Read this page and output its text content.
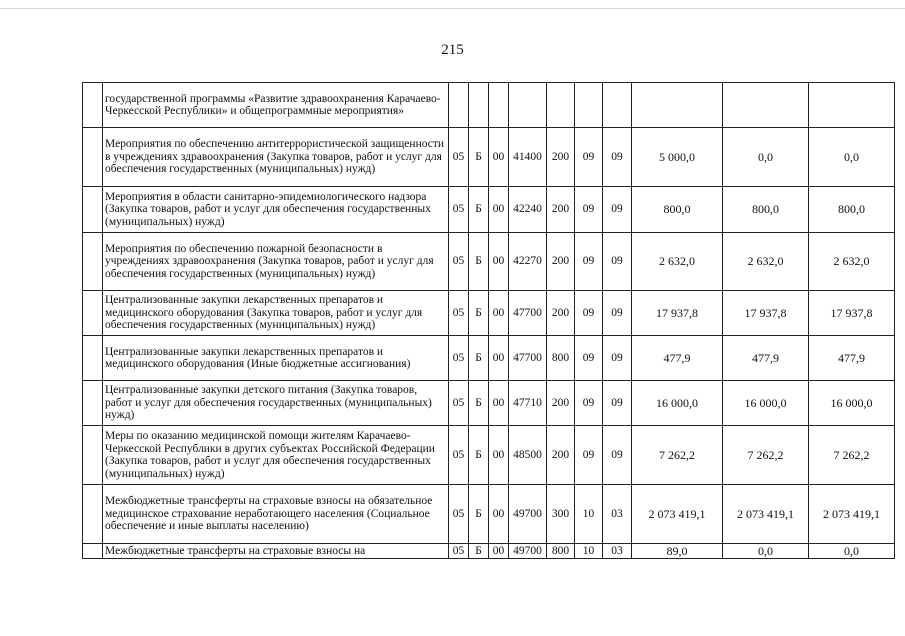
215
	государственной программы «Развитие здравоохранения Карачаево-Черкесской Республики» и общепрограммные мероприятия»										
	Мероприятия по обеспечению антитеррористической защищенности в учреждениях здравоохранения (Закупка товаров, работ и услуг для обеспечения государственных (муниципальных) нужд)	05	Б	00	41400	200	09	09	5 000,0	0,0	0,0
	Мероприятия в области санитарно-эпидемиологического надзора (Закупка товаров, работ и услуг для обеспечения государственных (муниципальных) нужд)	05	Б	00	42240	200	09	09	800,0	800,0	800,0
	Мероприятия по обеспечению пожарной безопасности в учреждениях здравоохранения (Закупка товаров, работ и услуг для обеспечения государственных (муниципальных) нужд)	05	Б	00	42270	200	09	09	2 632,0	2 632,0	2 632,0
	Централизованные закупки лекарственных препаратов и медицинского оборудования (Закупка товаров, работ и услуг для обеспечения государственных (муниципальных) нужд)	05	Б	00	47700	200	09	09	17 937,8	17 937,8	17 937,8
	Централизованные закупки лекарственных препаратов и медицинского оборудования (Иные бюджетные ассигнования)	05	Б	00	47700	800	09	09	477,9	477,9	477,9
	Централизованные закупки детского питания (Закупка товаров, работ и услуг для обеспечения государственных (муниципальных) нужд)	05	Б	00	47710	200	09	09	16 000,0	16 000,0	16 000,0
	Меры по оказанию медицинской помощи жителям Карачаево-Черкесской Республики в других субъектах Российской Федерации (Закупка товаров, работ и услуг для обеспечения государственных (муниципальных) нужд)	05	Б	00	48500	200	09	09	7 262,2	7 262,2	7 262,2
	Межбюджетные трансферты на страховые взносы на обязательное медицинское страхование неработающего населения (Социальное обеспечение и иные выплаты населению)	05	Б	00	49700	300	10	03	2 073 419,1	2 073 419,1	2 073 419,1
	Межбюджетные трансферты на страховые взносы на	05	Б	00	49700	800	10	03	89,0	0,0	0,0
